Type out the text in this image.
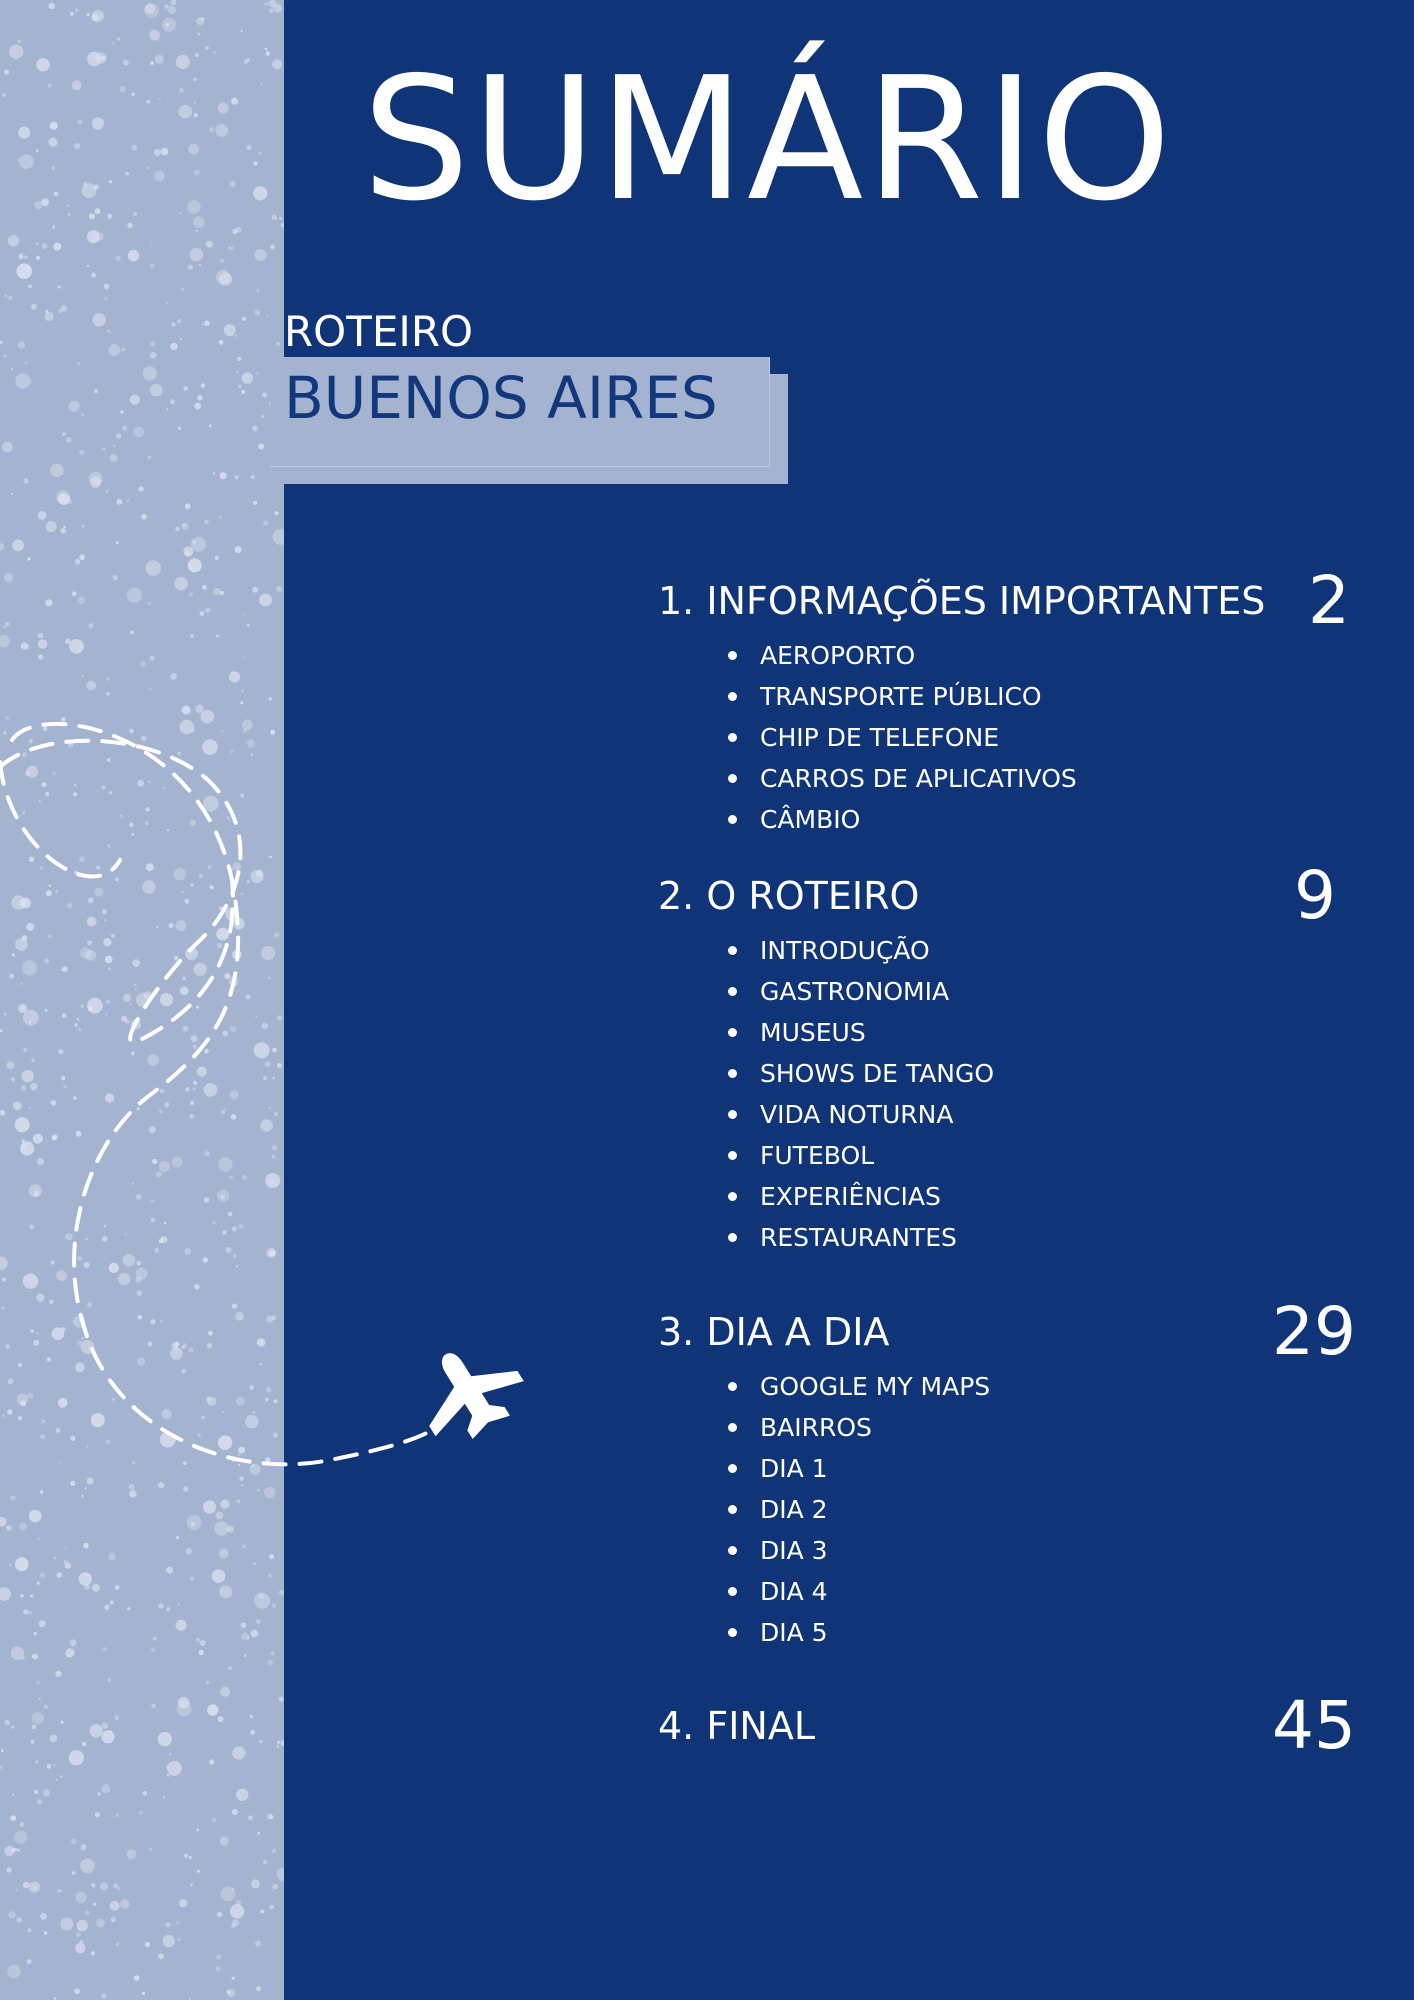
SUMÁRIO
ROTEIRO
BUENOS AIRES
1. INFORMAÇÕES IMPORTANTES 2
AEROPORTO
TRANSPORTE PÚBLICO
CHIP DE TELEFONE
CARROS DE APLICATIVOS
CÂMBIO
2. O ROTEIRO	9
INTRODUÇÃO
GASTRONOMIA
MUSEUS
SHOWS DE TANGO
VIDA NOTURNA
FUTEBOL
EXPERIÊNCIAS
RESTAURANTES
3. DIA A DIA	29
GOOGLE MY MAPS
BAIRROS
DIA 1
DIA 2
DIA 3
DIA 4
DIA 5
4. FINAL	45
